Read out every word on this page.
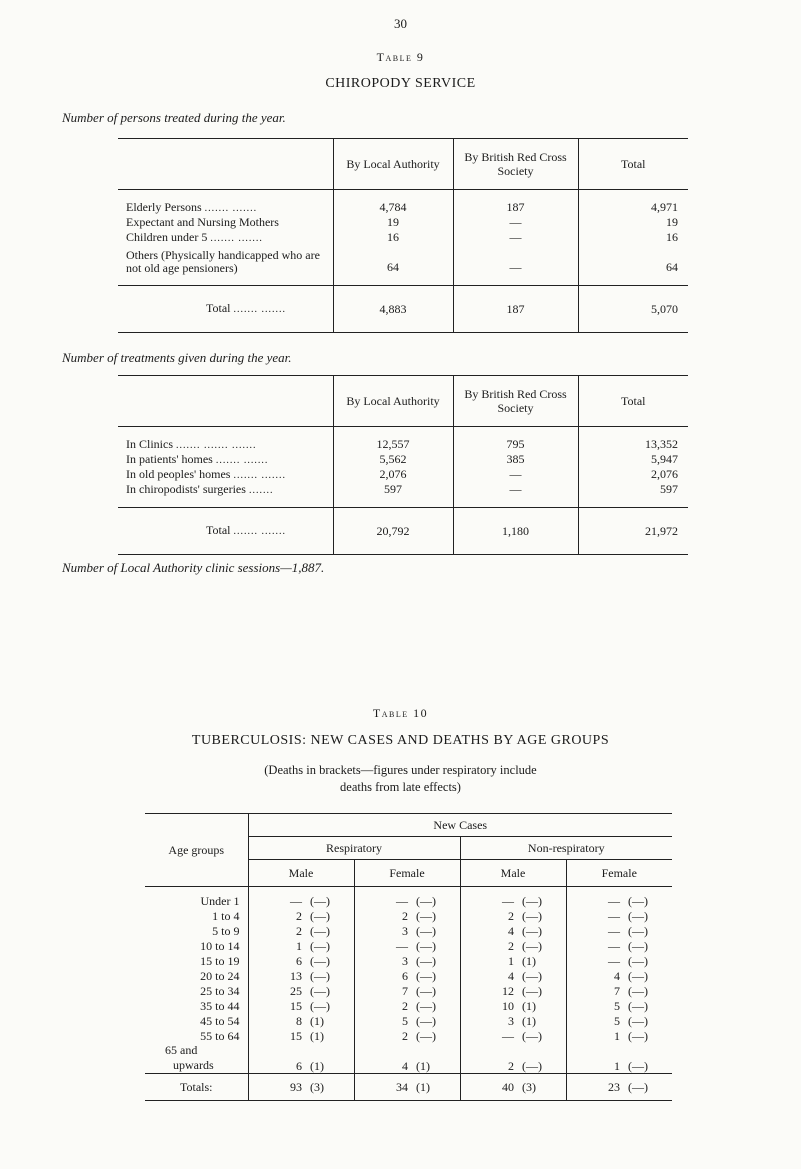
30
Table 9
CHIROPODY SERVICE
Number of persons treated during the year.
	By Local Authority	By British Red Cross Society	Total
Elderly Persons ....... .......	4,784	187	4,971
Expectant and Nursing Mothers	19	—	19
Children under 5 ....... .......	16	—	16
Others (Physically handicapped who are not old age pensioners)	64	—	64
Total ....... .......	4,883	187	5,070
Number of treatments given during the year.
	By Local Authority	By British Red Cross Society	Total
In Clinics ....... ....... .......	12,557	795	13,352
In patients' homes ....... .......	5,562	385	5,947
In old peoples' homes ....... .......	2,076	—	2,076
In chiropodists' surgeries .......	597	—	597
Total ....... .......	20,792	1,180	21,972
Number of Local Authority clinic sessions—1,887.
Table 10
TUBERCULOSIS: NEW CASES AND DEATHS BY AGE GROUPS
(Deaths in brackets—figures under respiratory include
deaths from late effects)
Age groups	New Cases							
	Respiratory				Non-respiratory			
	Male		Female		Male		Female	
Under 1	—	(—)	—	(—)	—	(—)	—	(—)
1 to 4	2	(—)	2	(—)	2	(—)	—	(—)
5 to 9	2	(—)	3	(—)	4	(—)	—	(—)
10 to 14	1	(—)	—	(—)	2	(—)	—	(—)
15 to 19	6	(—)	3	(—)	1	(1)	—	(—)
20 to 24	13	(—)	6	(—)	4	(—)	4	(—)
25 to 34	25	(—)	7	(—)	12	(—)	7	(—)
35 to 44	15	(—)	2	(—)	10	(1)	5	(—)
45 to 54	8	(1)	5	(—)	3	(1)	5	(—)
55 to 64	15	(1)	2	(—)	—	(—)	1	(—)

65 and
upwards	6	(1)	4	(1)	2	(—)	1	(—)
Totals:	93	(3)	34	(1)	40	(3)	23	(—)
